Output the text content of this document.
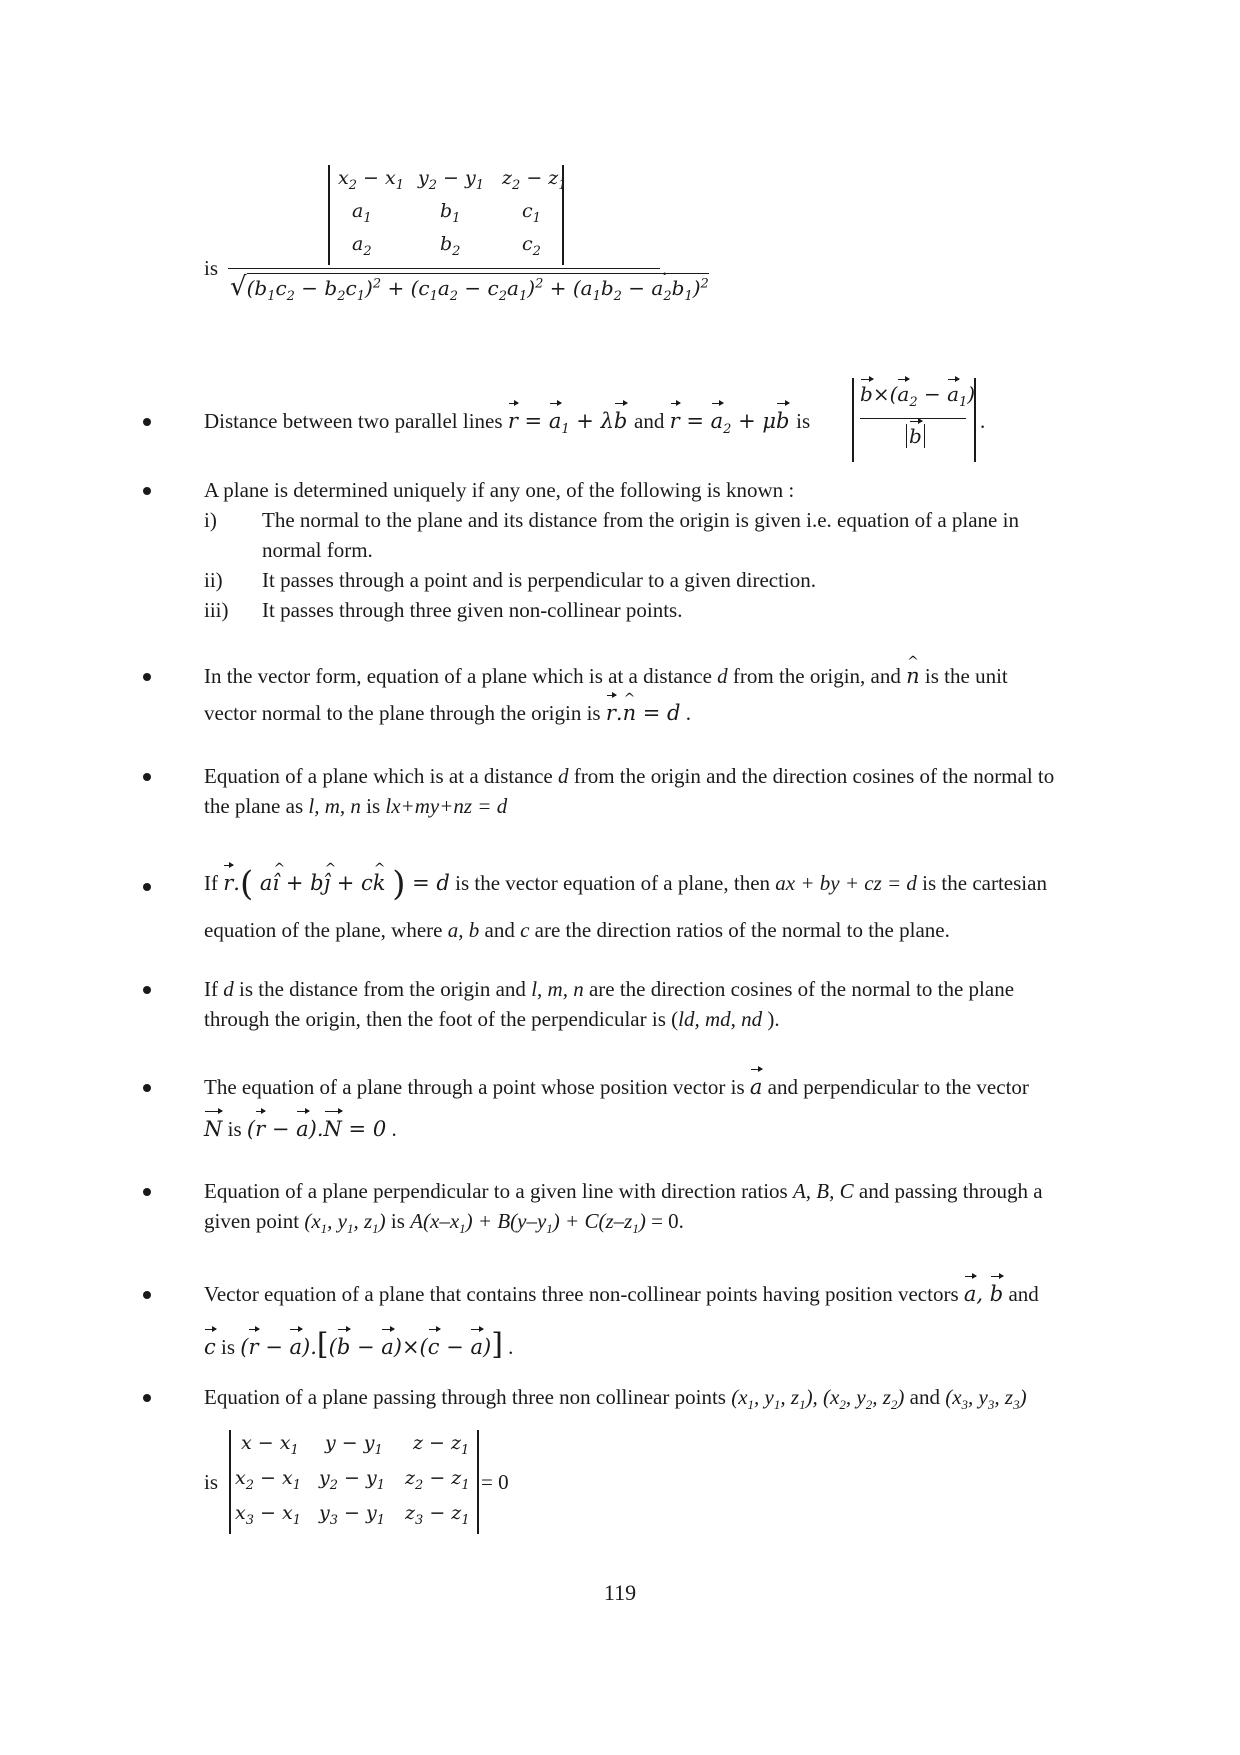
$x_2 - x_1$ $y_2 - y_1$ $z_2 - z_1$
$a_1$	$b_1$	$c_1$
$a_2$	$b_2$	$c_2$
is	.
$√(b_1c_2 - b_2c_1)^2 + (c_1a_2 - c_2a_1)^2 + (a_1b_2 - a_2b_1)^2$
Distance between two parallel lines $r = a_1 + \lambda b$ and $r = a_2 + \mu b$ is
$b\times(a_2 - a_1)$
b
.
A plane is determined uniquely if any one, of the following is known :
i) The normal to the plane and its distance from the origin is given i.e. equation of a plane in
normal form.
ii) It passes through a point and is perpendicular to a given direction.
iii) It passes through three given non-collinear points.
In the vector form, equation of a plane which is at a distance d from the origin, and n ^ is the unit
vector normal to the plane through the origin is r.n ^ = d .
Equation of a plane which is at a distance d from the origin and the direction cosines of the normal to
the plane as l, m, n is lx+my+nz = d
If r.( aî ^ + bĵ ^ + ck ^ ) = d is the vector equation of a plane, then ax + by + cz = d is the cartesian
equation of the plane, where a, b and c are the direction ratios of the normal to the plane.
If d is the distance from the origin and l, m, n are the direction cosines of the normal to the plane
through the origin, then the foot of the perpendicular is (ld, md, nd ).
The equation of a plane through a point whose position vector is a and perpendicular to the vector
N is (r − a).N = 0 .
Equation of a plane perpendicular to a given line with direction ratios A, B, C and passing through a
given point ($x_1$, $y_1$, $z_1$) is $A(x-x_1) + B(y-y_1) + C(z-z_1) = 0$.
Vector equation of a plane that contains three non-collinear points having position vectors a, b and
c is (r − a).[(b − a)×(c − a)] .
Equation of a plane passing through three non collinear points ($x_1$, $y_1$, $z_1$), ($x_2$, $y_2$, $z_2$) and ($x_3$, $y_3$, $z_3$)
is
$x - x_1$ $y - y_1$ $z - z_1$
$x_2 - x_1$ $y_2 - y_1$ $z_2 - z_1$
$x_3 - x_1$ $y_3 - y_1$ $z_3 - z_1$
= 0
119
